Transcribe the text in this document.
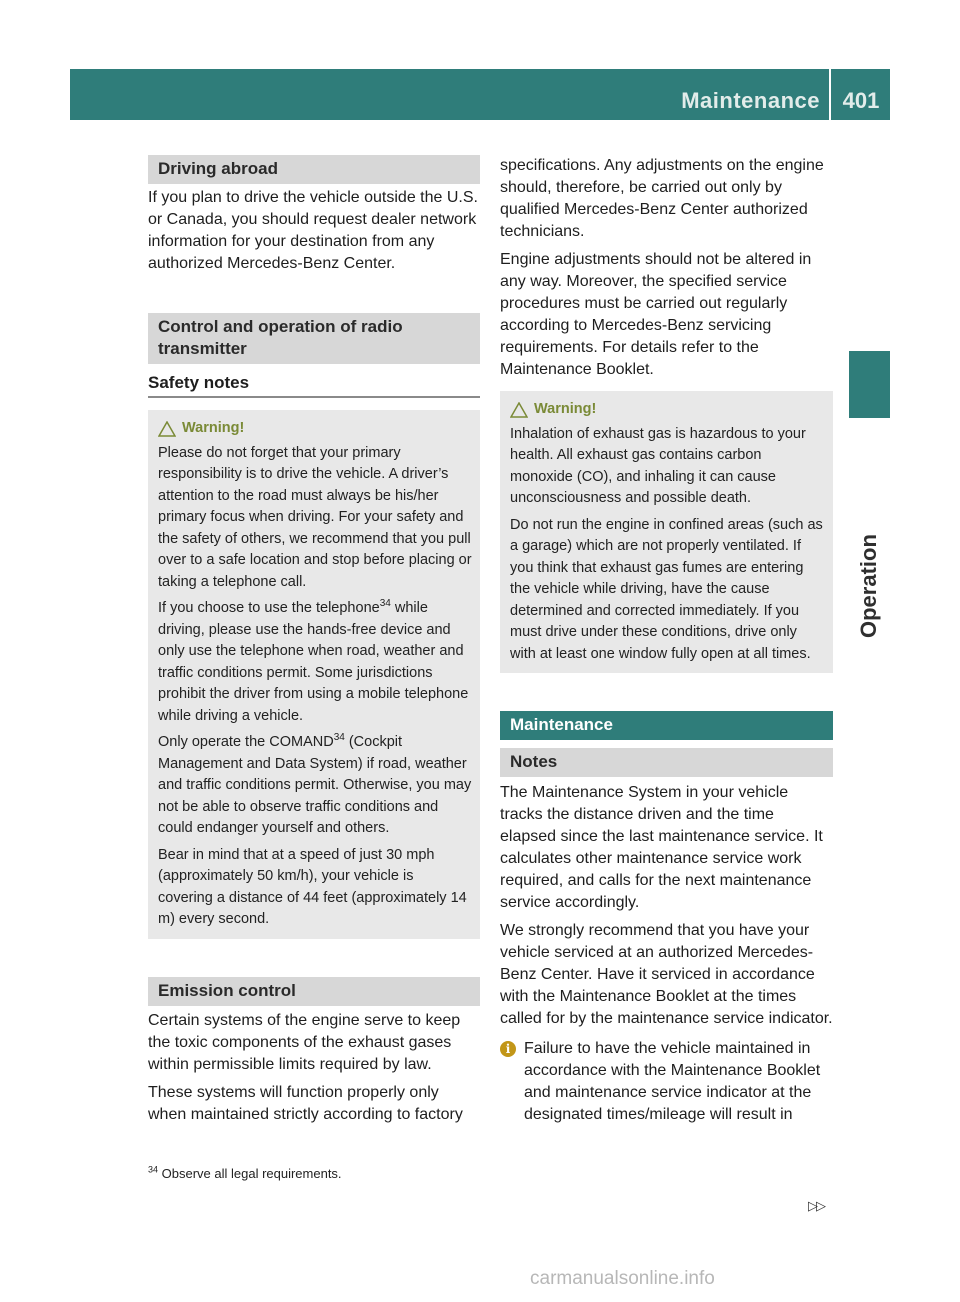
Maintenance	401
Operation
Driving abroad

If you plan to drive the vehicle outside the U.S. or Canada, you should request dealer network information for your destination from any authorized Mercedes-Benz Center.

Control and operation of radio transmitter
Safety notes
Warning!

Please do not forget that your primary responsibility is to drive the vehicle. A driver’s attention to the road must always be his/her primary focus when driving. For your safety and the safety of others, we recommend that you pull over to a safe location and stop before placing or taking a telephone call.

If you choose to use the telephone$^{34}$ while driving, please use the hands-free device and only use the telephone when road, weather and traffic conditions permit. Some jurisdictions prohibit the driver from using a mobile telephone while driving a vehicle.

Only operate the COMAND$^{34}$ (Cockpit Management and Data System) if road, weather and traffic conditions permit. Otherwise, you may not be able to observe traffic conditions and could endanger yourself and others.

Bear in mind that at a speed of just 30 mph (approximately 50 km/h), your vehicle is covering a distance of 44 feet (approximately 14 m) every second.

Emission control

Certain systems of the engine serve to keep the toxic components of the exhaust gases within permissible limits required by law.

These systems will function properly only when maintained strictly according to factory

specifications. Any adjustments on the engine should, therefore, be carried out only by qualified Mercedes-Benz Center authorized technicians.

Engine adjustments should not be altered in any way. Moreover, the specified service procedures must be carried out regularly according to Mercedes-Benz servicing requirements. For details refer to the Maintenance Booklet.

Warning!

Inhalation of exhaust gas is hazardous to your health. All exhaust gas contains carbon monoxide (CO), and inhaling it can cause unconsciousness and possible death.

Do not run the engine in confined areas (such as a garage) which are not properly ventilated. If you think that exhaust gas fumes are entering the vehicle while driving, have the cause determined and corrected immediately. If you must drive under these conditions, drive only with at least one window fully open at all times.

Maintenance
Notes

The Maintenance System in your vehicle tracks the distance driven and the time elapsed since the last maintenance service. It calculates other maintenance service work required, and calls for the next maintenance service accordingly.

We strongly recommend that you have your vehicle serviced at an authorized Mercedes-Benz Center. Have it serviced in accordance with the Maintenance Booklet at the times called for by the maintenance service indicator.

i Failure to have the vehicle maintained in accordance with the Maintenance Booklet and maintenance service indicator at the designated times/mileage will result in
$^{34}$ Observe all legal requirements.
▷▷
carmanualsonline.info
